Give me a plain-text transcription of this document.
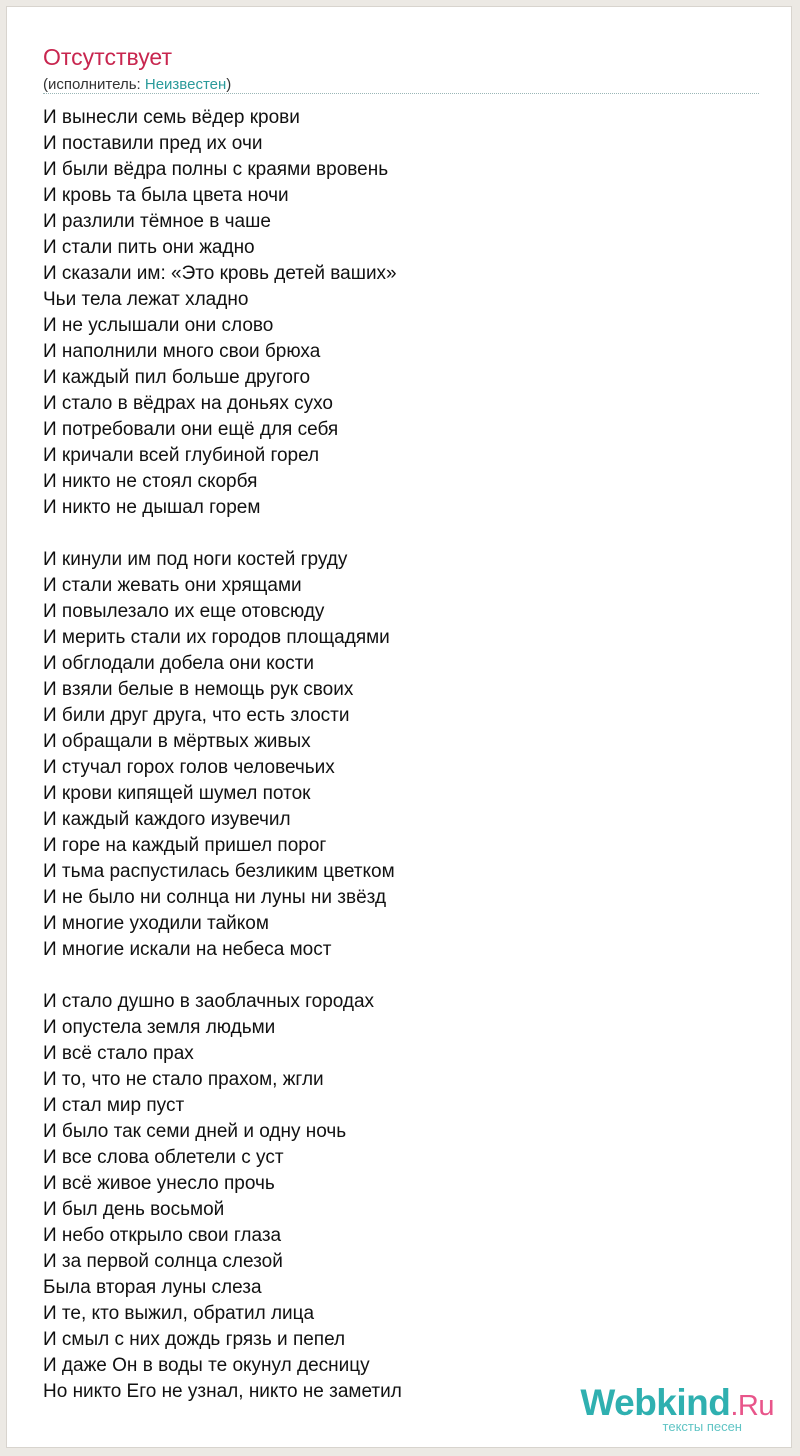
Отсутствует
(исполнитель: Неизвестен)
И вынесли семь вёдер крови
И поставили пред их очи
И были вёдра полны с краями вровень
И кровь та была цвета ночи
И разлили тёмное в чаше
И стали пить они жадно
И сказали им: «Это кровь детей ваших»
Чьи тела лежат хладно
И не услышали они слово
И наполнили много свои брюха
И каждый пил больше другого
И стало в вёдрах на доньях сухо
И потребовали они ещё для себя
И кричали всей глубиной горел
И никто не стоял скорбя
И никто не дышал горем
И кинули им под ноги костей груду
И стали жевать они хрящами
И повылезало их еще отовсюду
И мерить стали их городов площадями
И обглодали добела они кости
И взяли белые в немощь рук своих
И били друг друга, что есть злости
И обращали в мёртвых живых
И стучал горох голов человечьих
И крови кипящей шумел поток
И каждый каждого изувечил
И горе на каждый пришел порог
И тьма распустилась безликим цветком
И не было ни солнца ни луны ни звёзд
И многие уходили тайком
И многие искали на небеса мост
И стало душно в заоблачных городах
И опустела земля людьми
И всё стало прах
И то, что не стало прахом, жгли
И стал мир пуст
И было так семи дней и одну ночь
И все слова облетели с уст
И всё живое унесло прочь
И был день восьмой
И небо открыло свои глаза
И за первой солнца слезой
Была вторая луны слеза
И те, кто выжил, обратил лица
И смыл с них дождь грязь и пепел
И даже Он в воды те окунул десницу
Но никто Его не узнал, никто не заметил	Webkind.Ru
тексты песен
